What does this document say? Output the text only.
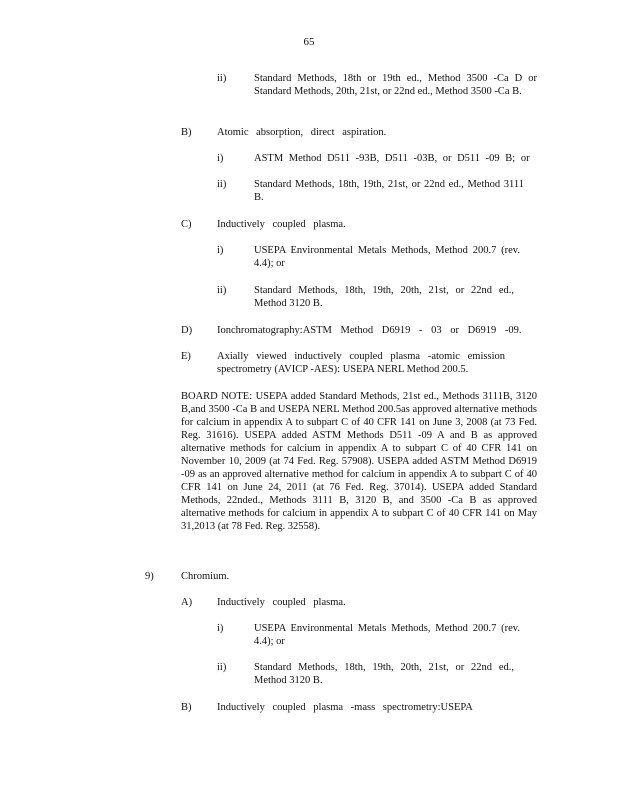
65
ii)	Standard Methods, 18th or 19th ed., Method 3500 -Ca D or Standard Methods, 20th, 21st, or 22nd ed., Method 3500 -Ca B.
B) Atomic absorption, direct aspiration.
i)	ASTM Method D511 -93B, D511 -03B, or D511 -09 B; or
ii)	Standard Methods, 18th, 19th, 21st, or 22nd ed., Method 3111 B.
C) Inductively coupled plasma.
i)	USEPA Environmental Metals Methods, Method 200.7 (rev. 4.4); or
ii)	Standard Methods, 18th, 19th, 20th, 21st, or 22nd ed., Method 3120 B.
D) Ionchromatography:ASTM Method D6919 - 03 or D6919 -09.
E) Axially viewed inductively coupled plasma -atomic emission spectrometry (AVICP -AES): USEPA NERL Method 200.5.
BOARD NOTE: USEPA added Standard Methods, 21st ed., Methods 3111B, 3120 B,and 3500 -Ca B and USEPA NERL Method 200.5as approved alternative methods for calcium in appendix A to subpart C of 40 CFR 141 on June 3, 2008 (at 73 Fed. Reg. 31616). USEPA added ASTM Methods D511 -09 A and B as approved alternative methods for calcium in appendix A to subpart C of 40 CFR 141 on November 10, 2009 (at 74 Fed. Reg. 57908). USEPA added ASTM Method D6919 -09 as an approved alternative method for calcium in appendix A to subpart C of 40 CFR 141 on June 24, 2011 (at 76 Fed. Reg. 37014). USEPA added Standard Methods, 22nded., Methods 3111 B, 3120 B, and 3500 -Ca B as approved alternative methods for calcium in appendix A to subpart C of 40 CFR 141 on May 31,2013 (at 78 Fed. Reg. 32558).
9)	Chromium.
A) Inductively coupled plasma.
i)	USEPA Environmental Metals Methods, Method 200.7 (rev. 4.4); or
ii)	Standard Methods, 18th, 19th, 20th, 21st, or 22nd ed., Method 3120 B.
B) Inductively coupled plasma -mass spectrometry:USEPA
